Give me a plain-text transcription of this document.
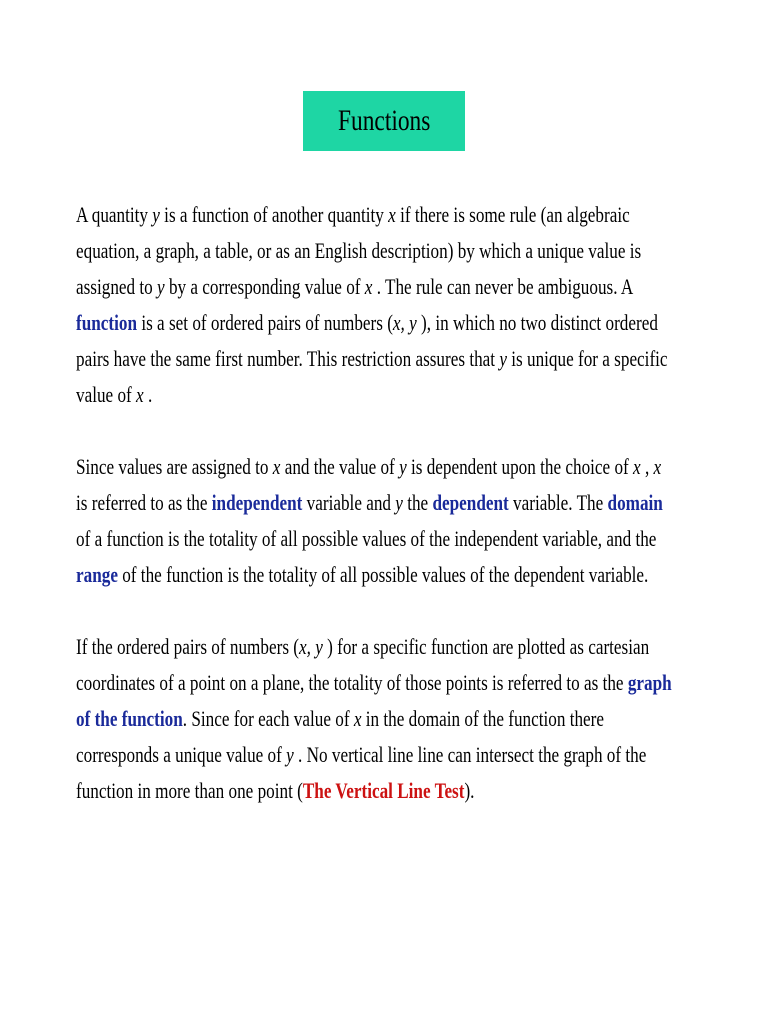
Functions
A quantity y is a function of another quantity x if there is some rule (an algebraic
equation, a graph, a table, or as an English description) by which a unique value is
assigned to y by a corresponding value of x . The rule can never be ambiguous. A
function is a set of ordered pairs of numbers (x, y ), in which no two distinct ordered
pairs have the same first number. This restriction assures that y is unique for a specific
value of x .
Since values are assigned to x and the value of y is dependent upon the choice of x , x
is referred to as the independent variable and y the dependent variable. The domain
of a function is the totality of all possible values of the independent variable, and the
range of the function is the totality of all possible values of the dependent variable.
If the ordered pairs of numbers (x, y ) for a specific function are plotted as cartesian
coordinates of a point on a plane, the totality of those points is referred to as the graph
of the function. Since for each value of x in the domain of the function there
corresponds a unique value of y . No vertical line line can intersect the graph of the
function in more than one point (The Vertical Line Test).
